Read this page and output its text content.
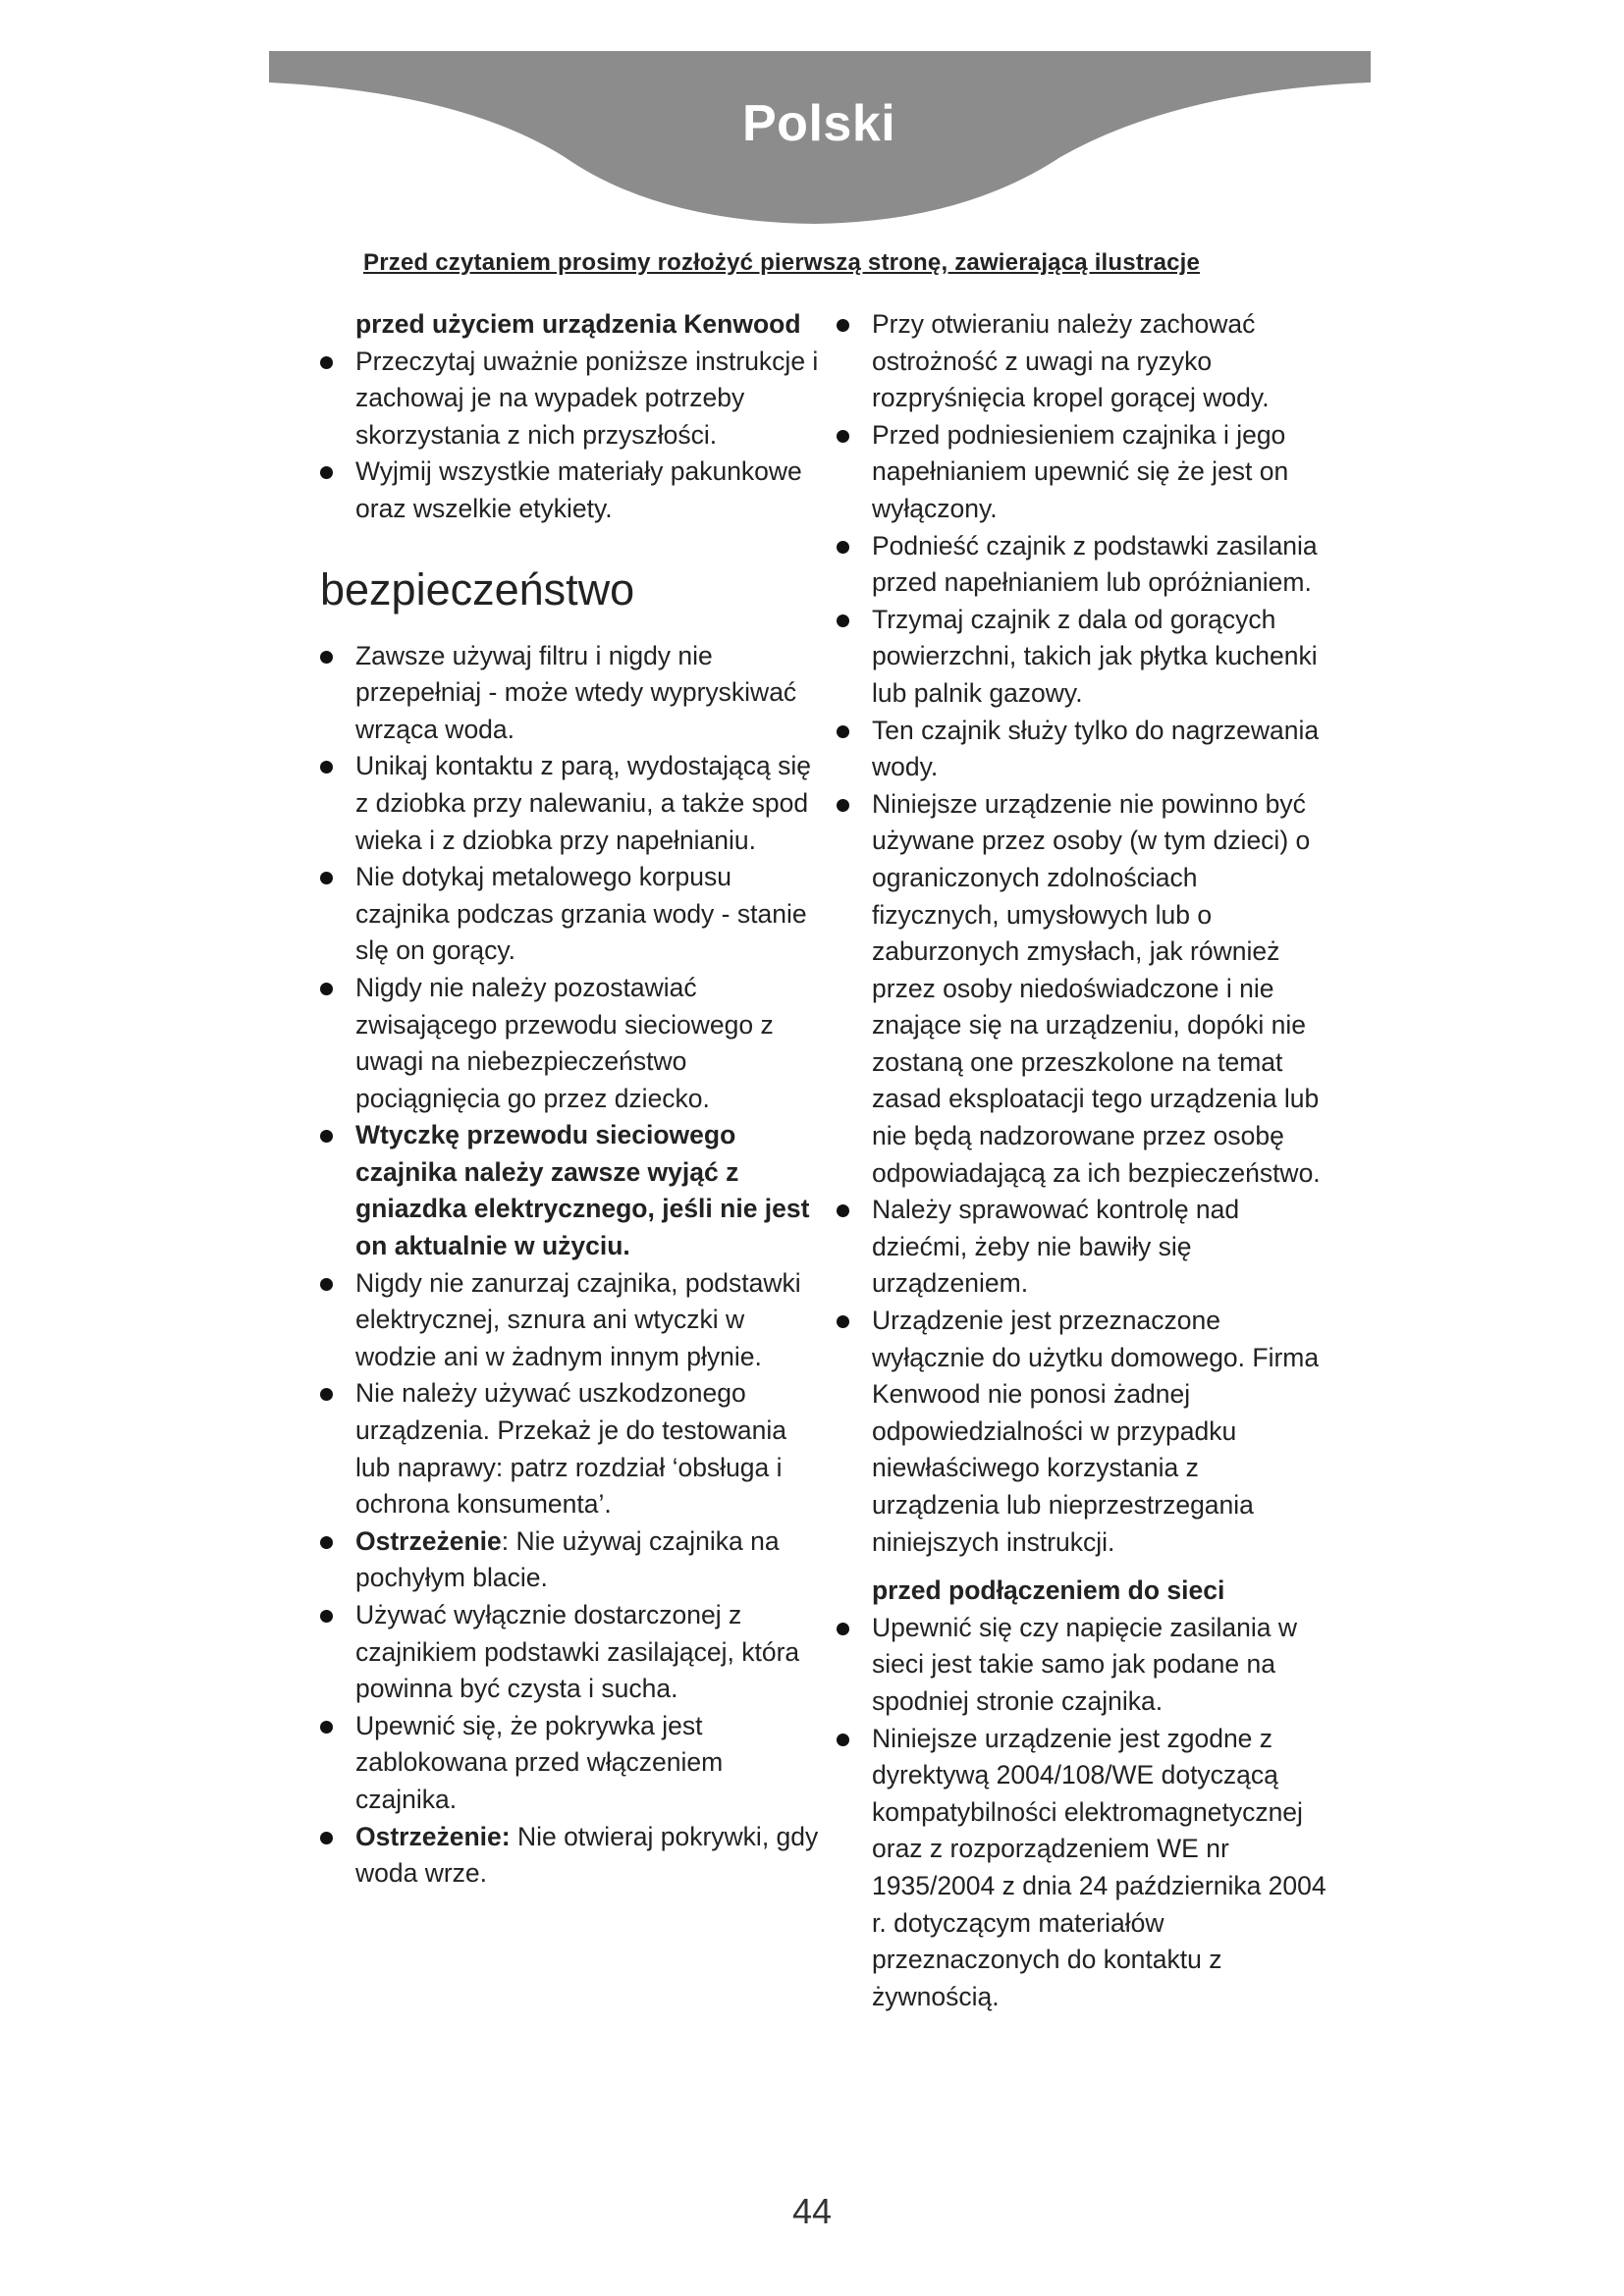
Polski
Przed czytaniem prosimy rozłożyć pierwszą stronę, zawierającą ilustracje

przed użyciem urządzenia Kenwood

Przeczytaj uważnie poniższe instrukcje i zachowaj je na wypadek potrzeby skorzystania z nich przyszłości.
Wyjmij wszystkie materiały pakunkowe oraz wszelkie etykiety.
bezpieczeństwo
Zawsze używaj filtru i nigdy nie przepełniaj - może wtedy wypryskiwać wrząca woda.
Unikaj kontaktu z parą, wydostającą się z dziobka przy nalewaniu, a także spod wieka i z dziobka przy napełnianiu.
Nie dotykaj metalowego korpusu czajnika podczas grzania wody - stanie slę on gorący.
Nigdy nie należy pozostawiać zwisającego przewodu sieciowego z uwagi na niebezpieczeństwo pociągnięcia go przez dziecko.
Wtyczkę przewodu sieciowego czajnika należy zawsze wyjąć z gniazdka elektrycznego, jeśli nie jest on aktualnie w użyciu.
Nigdy nie zanurzaj czajnika, podstawki elektrycznej, sznura ani wtyczki w wodzie ani w żadnym innym płynie.
Nie należy używać uszkodzonego urządzenia. Przekaż je do testowania lub naprawy: patrz rozdział ‘obsługa i ochrona konsumenta’.
Ostrzeżenie: Nie używaj czajnika na pochyłym blacie.
Używać wyłącznie dostarczonej z czajnikiem podstawki zasilającej, która powinna być czysta i sucha.
Upewnić się, że pokrywka jest zablokowana przed włączeniem czajnika.
Ostrzeżenie: Nie otwieraj pokrywki, gdy woda wrze.
Przy otwieraniu należy zachować ostrożność z uwagi na ryzyko rozpryśnięcia kropel gorącej wody.
Przed podniesieniem czajnika i jego napełnianiem upewnić się że jest on wyłączony.
Podnieść czajnik z podstawki zasilania przed napełnianiem lub opróżnianiem.
Trzymaj czajnik z dala od gorących powierzchni, takich jak płytka kuchenki lub palnik gazowy.
Ten czajnik służy tylko do nagrzewania wody.
Niniejsze urządzenie nie powinno być używane przez osoby (w tym dzieci) o ograniczonych zdolnościach fizycznych, umysłowych lub o zaburzonych zmysłach, jak również przez osoby niedoświadczone i nie znające się na urządzeniu, dopóki nie zostaną one przeszkolone na temat zasad eksploatacji tego urządzenia lub nie będą nadzorowane przez osobę odpowiadającą za ich bezpieczeństwo.
Należy sprawować kontrolę nad dziećmi, żeby nie bawiły się urządzeniem.
Urządzenie jest przeznaczone wyłącznie do użytku domowego. Firma Kenwood nie ponosi żadnej odpowiedzialności w przypadku niewłaściwego korzystania z urządzenia lub nieprzestrzegania niniejszych instrukcji.

przed podłączeniem do sieci

Upewnić się czy napięcie zasilania w sieci jest takie samo jak podane na spodniej stronie czajnika.
Niniejsze urządzenie jest zgodne z dyrektywą 2004/108/WE dotyczącą kompatybilności elektromagnetycznej oraz z rozporządzeniem WE nr 1935/2004 z dnia 24 października 2004 r. dotyczącym materiałów przeznaczonych do kontaktu z żywnością.
44
